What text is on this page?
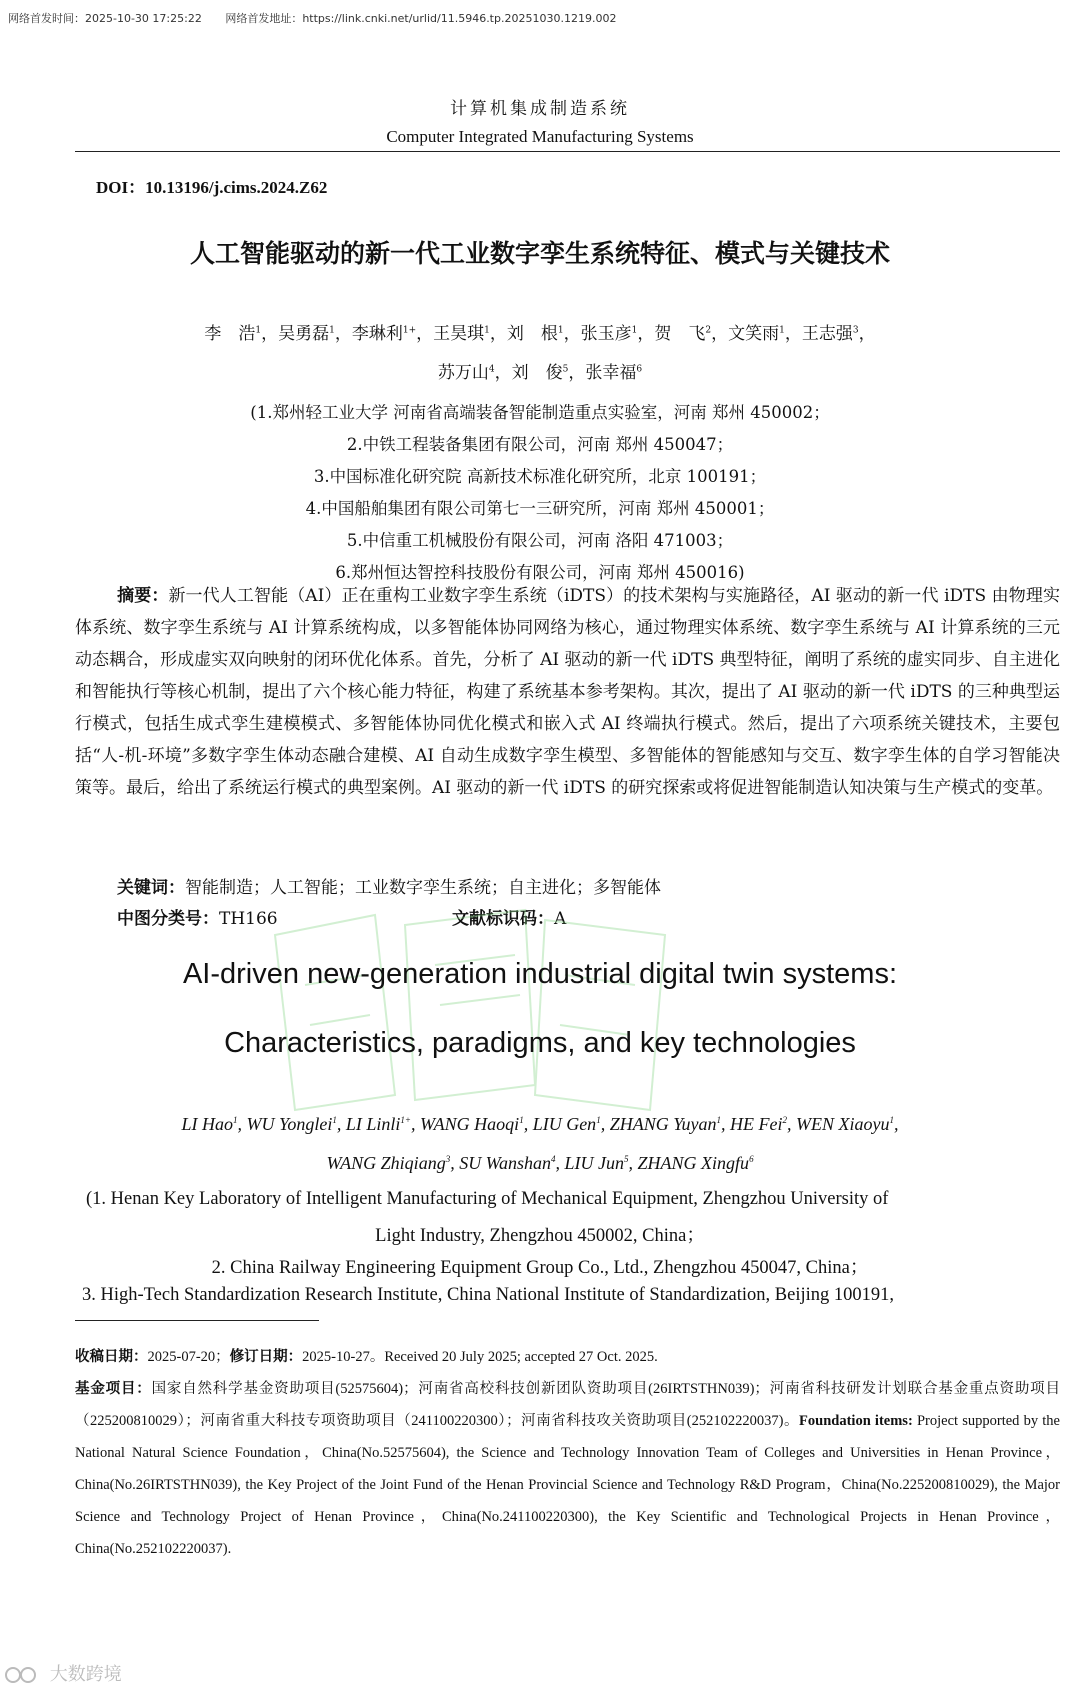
网络首发时间：2025-10-30 17:25:22 网络首发地址：https://link.cnki.net/urlid/11.5946.tp.20251030.1219.002
计算机集成制造系统
Computer Integrated Manufacturing Systems
DOI：10.13196/j.cims.2024.Z62
人工智能驱动的新一代工业数字孪生系统特征、模式与关键技术
李　浩$^1$，吴勇磊$^1$，李琳利$^{1+}$，王昊琪$^1$，刘　根$^1$，张玉彦$^1$，贺　飞$^2$，文笑雨$^1$，王志强$^3$，
苏万山$^4$，刘　俊$^5$，张幸福$^6$
(1.郑州轻工业大学 河南省高端装备智能制造重点实验室，河南 郑州 450002；
2.中铁工程装备集团有限公司，河南 郑州 450047；
3.中国标准化研究院 高新技术标准化研究所，北京 100191；
4.中国船舶集团有限公司第七一三研究所，河南 郑州 450001；
5.中信重工机械股份有限公司，河南 洛阳 471003；
6.郑州恒达智控科技股份有限公司，河南 郑州 450016)
摘要：新一代人工智能（AI）正在重构工业数字孪生系统（iDTS）的技术架构与实施路径，AI 驱动的新一代 iDTS 由物理实体系统、数字孪生系统与 AI 计算系统构成，以多智能体协同网络为核心，通过物理实体系统、数字孪生系统与 AI 计算系统的三元动态耦合，形成虚实双向映射的闭环优化体系。首先，分析了 AI 驱动的新一代 iDTS 典型特征，阐明了系统的虚实同步、自主进化和智能执行等核心机制，提出了六个核心能力特征，构建了系统基本参考架构。其次，提出了 AI 驱动的新一代 iDTS 的三种典型运行模式，包括生成式孪生建模模式、多智能体协同优化模式和嵌入式 AI 终端执行模式。然后，提出了六项系统关键技术，主要包括“人-机-环境”多数字孪生体动态融合建模、AI 自动生成数字孪生模型、多智能体的智能感知与交互、数字孪生体的自学习智能决策等。最后，给出了系统运行模式的典型案例。AI 驱动的新一代 iDTS 的研究探索或将促进智能制造认知决策与生产模式的变革。
关键词：智能制造；人工智能；工业数字孪生系统；自主进化；多智能体
中图分类号：TH166	文献标识码：A
AI-driven new-generation industrial digital twin systems:
Characteristics, paradigms, and key technologies
LI Hao$^1$, WU Yonglei$^1$, LI Linli$^{1+}$, WANG Haoqi$^1$, LIU Gen$^1$, ZHANG Yuyan$^1$, HE Fei$^2$, WEN Xiaoyu$^1$,
WANG Zhiqiang$^3$, SU Wanshan$^4$, LIU Jun$^5$, ZHANG Xingfu$^6$
(1. Henan Key Laboratory of Intelligent Manufacturing of Mechanical Equipment, Zhengzhou University of
Light Industry, Zhengzhou 450002, China；
2. China Railway Engineering Equipment Group Co., Ltd., Zhengzhou 450047, China；
3. High-Tech Standardization Research Institute, China National Institute of Standardization, Beijing 100191,

收稿日期：2025-07-20；修订日期：2025-10-27。Received 20 July 2025; accepted 27 Oct. 2025.

基金项目：国家自然科学基金资助项目(52575604)；河南省高校科技创新团队资助项目(26IRTSTHN039)；河南省科技研发计划联合基金重点资助项目（225200810029）；河南省重大科技专项资助项目（241100220300）；河南省科技攻关资助项目(252102220037)。Foundation items: Project supported by the National Natural Science Foundation，China(No.52575604), the Science and Technology Innovation Team of Colleges and Universities in Henan Province，China(No.26IRTSTHN039), the Key Project of the Joint Fund of the Henan Provincial Science and Technology R&D Program，China(No.225200810029), the Major Science and Technology Project of Henan Province，China(No.241100220300), the Key Scientific and Technological Projects in Henan Province，China(No.252102220037).

大数跨境
